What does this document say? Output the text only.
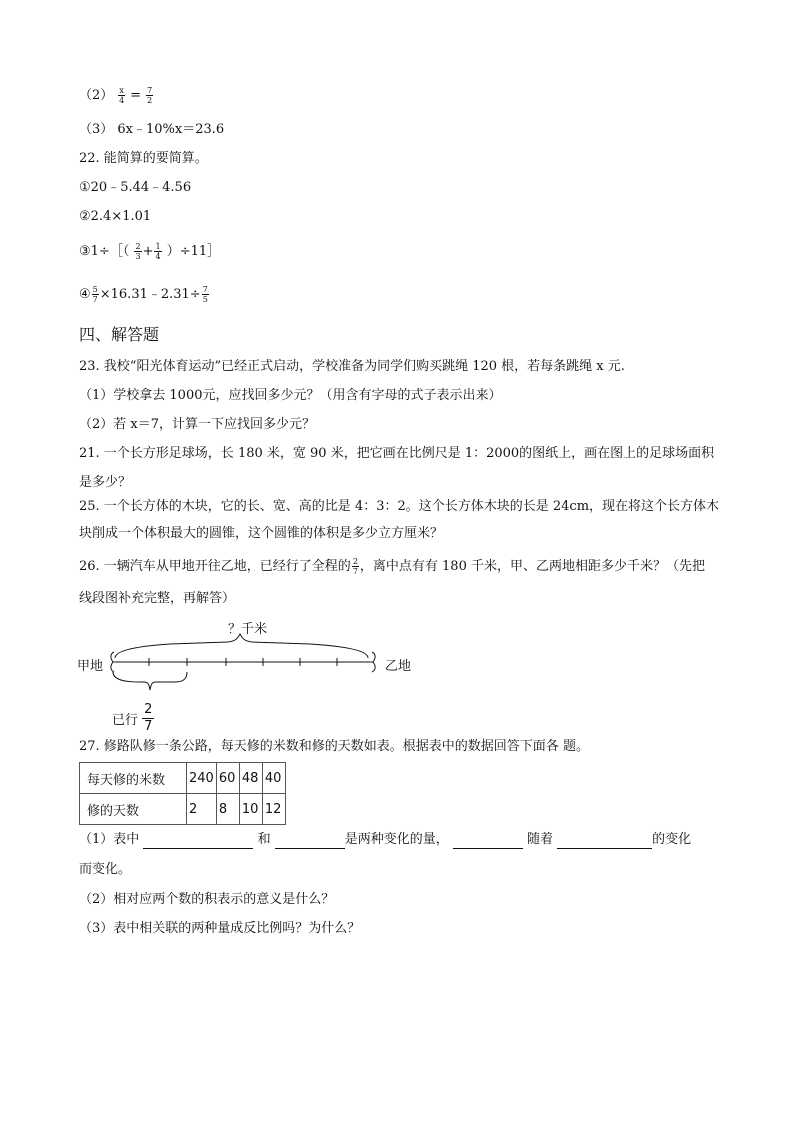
$(2) \frac{x}{4} = \frac{7}{2}$
（3） 6x﹣10%x＝23.6
22. 能简算的要简算。
①20﹣5.44﹣4.56
②2.4×1.01
③1÷［（ $\frac{2}{3} + \frac{1}{4}$ ）÷11］
④ $\frac{5}{7}$ ×16.31﹣2.31÷ $\frac{7}{5}$
四、解答题
23. 我校“阳光体育运动”已经正式启动，学校准备为同学们购买跳绳 120 根，若每条跳绳 x 元.
（1）学校拿去 1000元，应找回多少元？（用含有字母的式子表示出来）
（2）若 x＝7，计算一下应找回多少元？
21. 一个长方形足球场，长 180 米，宽 90 米，把它画在比例尺是 1：2000的图纸上，画在图上的足球场面积
是多少？
25. 一个长方体的木块，它的长、宽、高的比是 4：3：2。这个长方体木块的长是 24cm，现在将这个长方体木
块削成一个体积最大的圆锥，这个圆锥的体积是多少立方厘米？
26. 一辆汽车从甲地开往乙地，已经行了全程的 $\frac{2}{7}$ ，离中点有有 180 千米，甲、乙两地相距多少千米？（先把
线段图补充完整，再解答）
？千米
甲地	乙地
已行 $\frac{2}{7}$
27. 修路队修一条公路，每天修的米数和修的天数如表。根据表中的数据回答下面各 题。
每天修的米数	240	60	48	40
修的天数	2	8	10	12
（1）表中	和	是两种变化的量，	随着	的变化
而变化。
（2）相对应两个数的积表示的意义是什么？
（3）表中相关联的两种量成反比例吗？为什么？
